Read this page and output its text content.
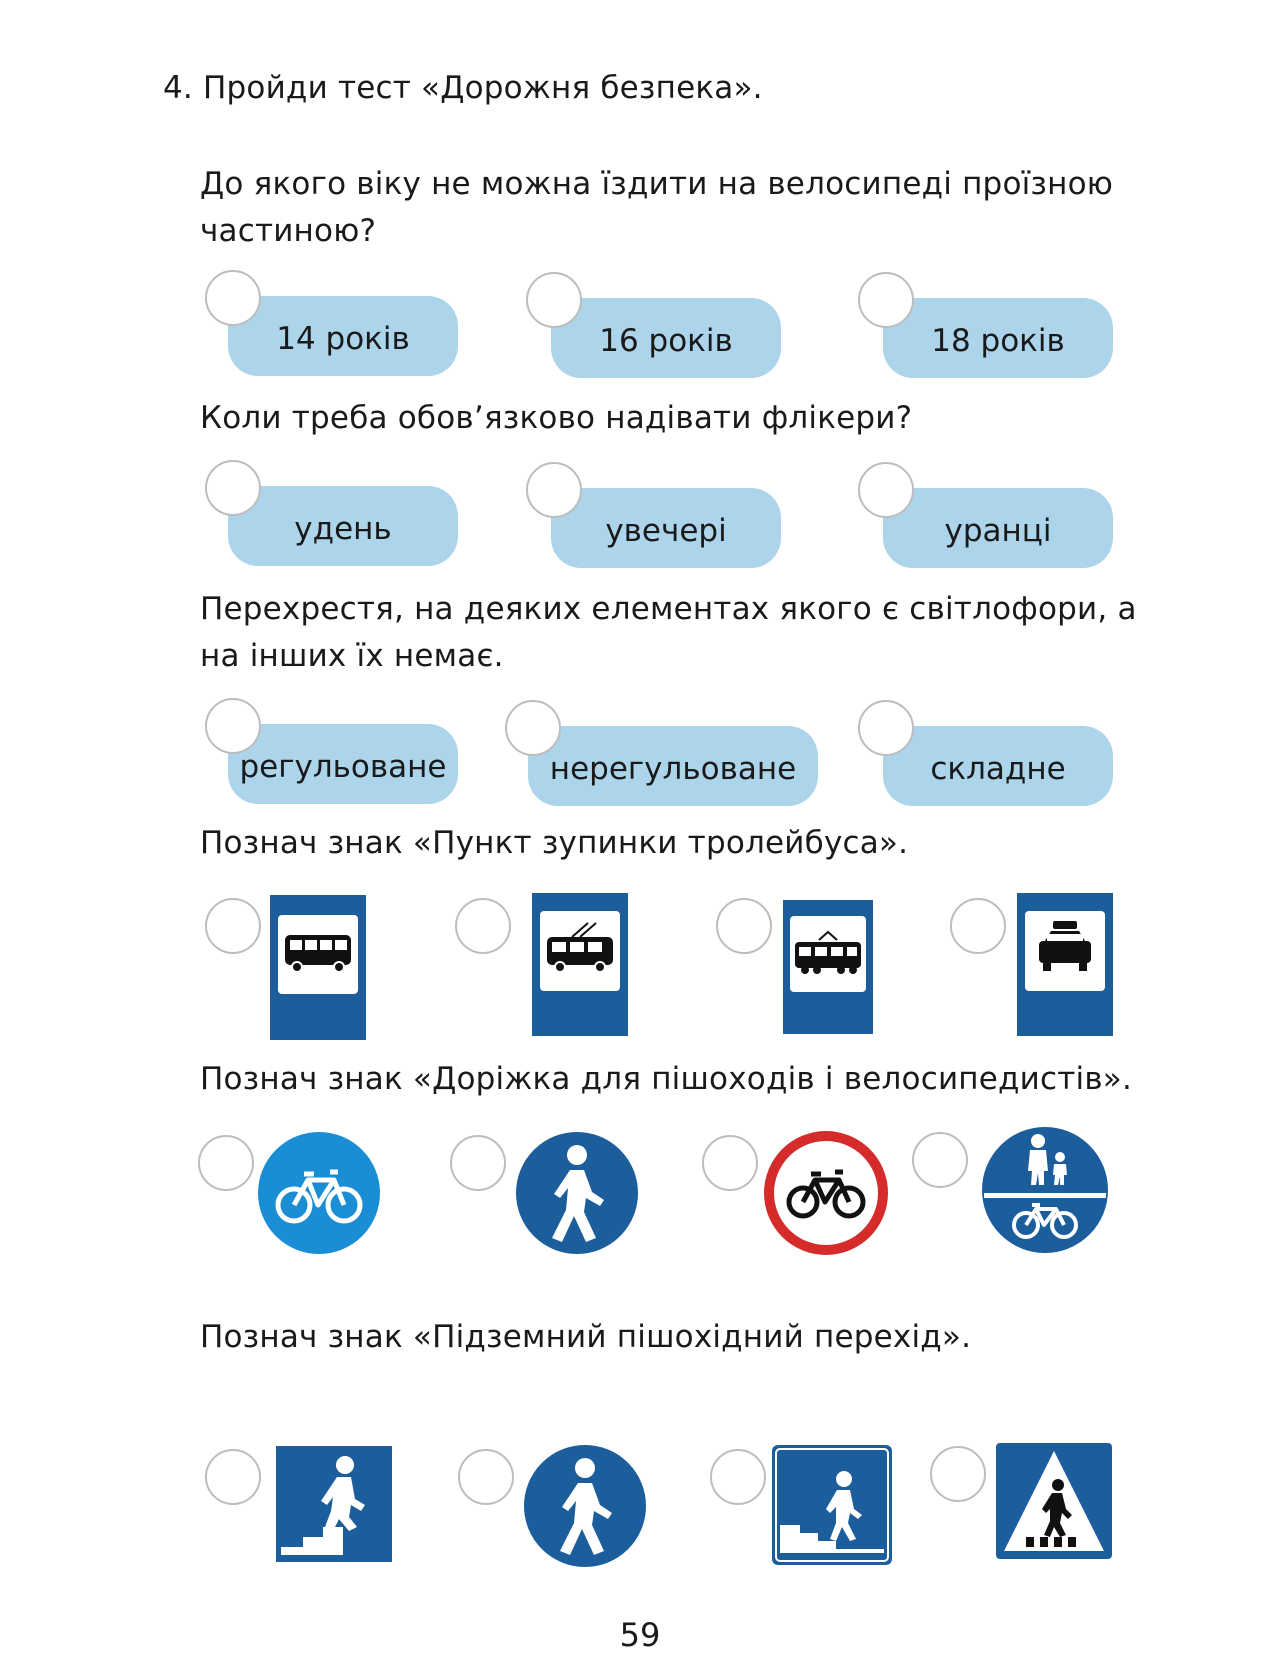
4. Пройди тест «Дорожня безпека».
До якого віку не можна їздити на велосипеді проїзною
частиною?
14 років	16 років	18 років
Коли треба обов’язково надівати флікери?
удень	увечері	уранці
Перехрестя, на деяких елементах якого є світлофори, а
на інших їх немає.
регульоване	нерегульоване	складне
Познач знак «Пункт зупинки тролейбуса».
Познач знак «Доріжка для пішоходів і велосипедистів».
Познач знак «Підземний пішохідний перехід».
59
